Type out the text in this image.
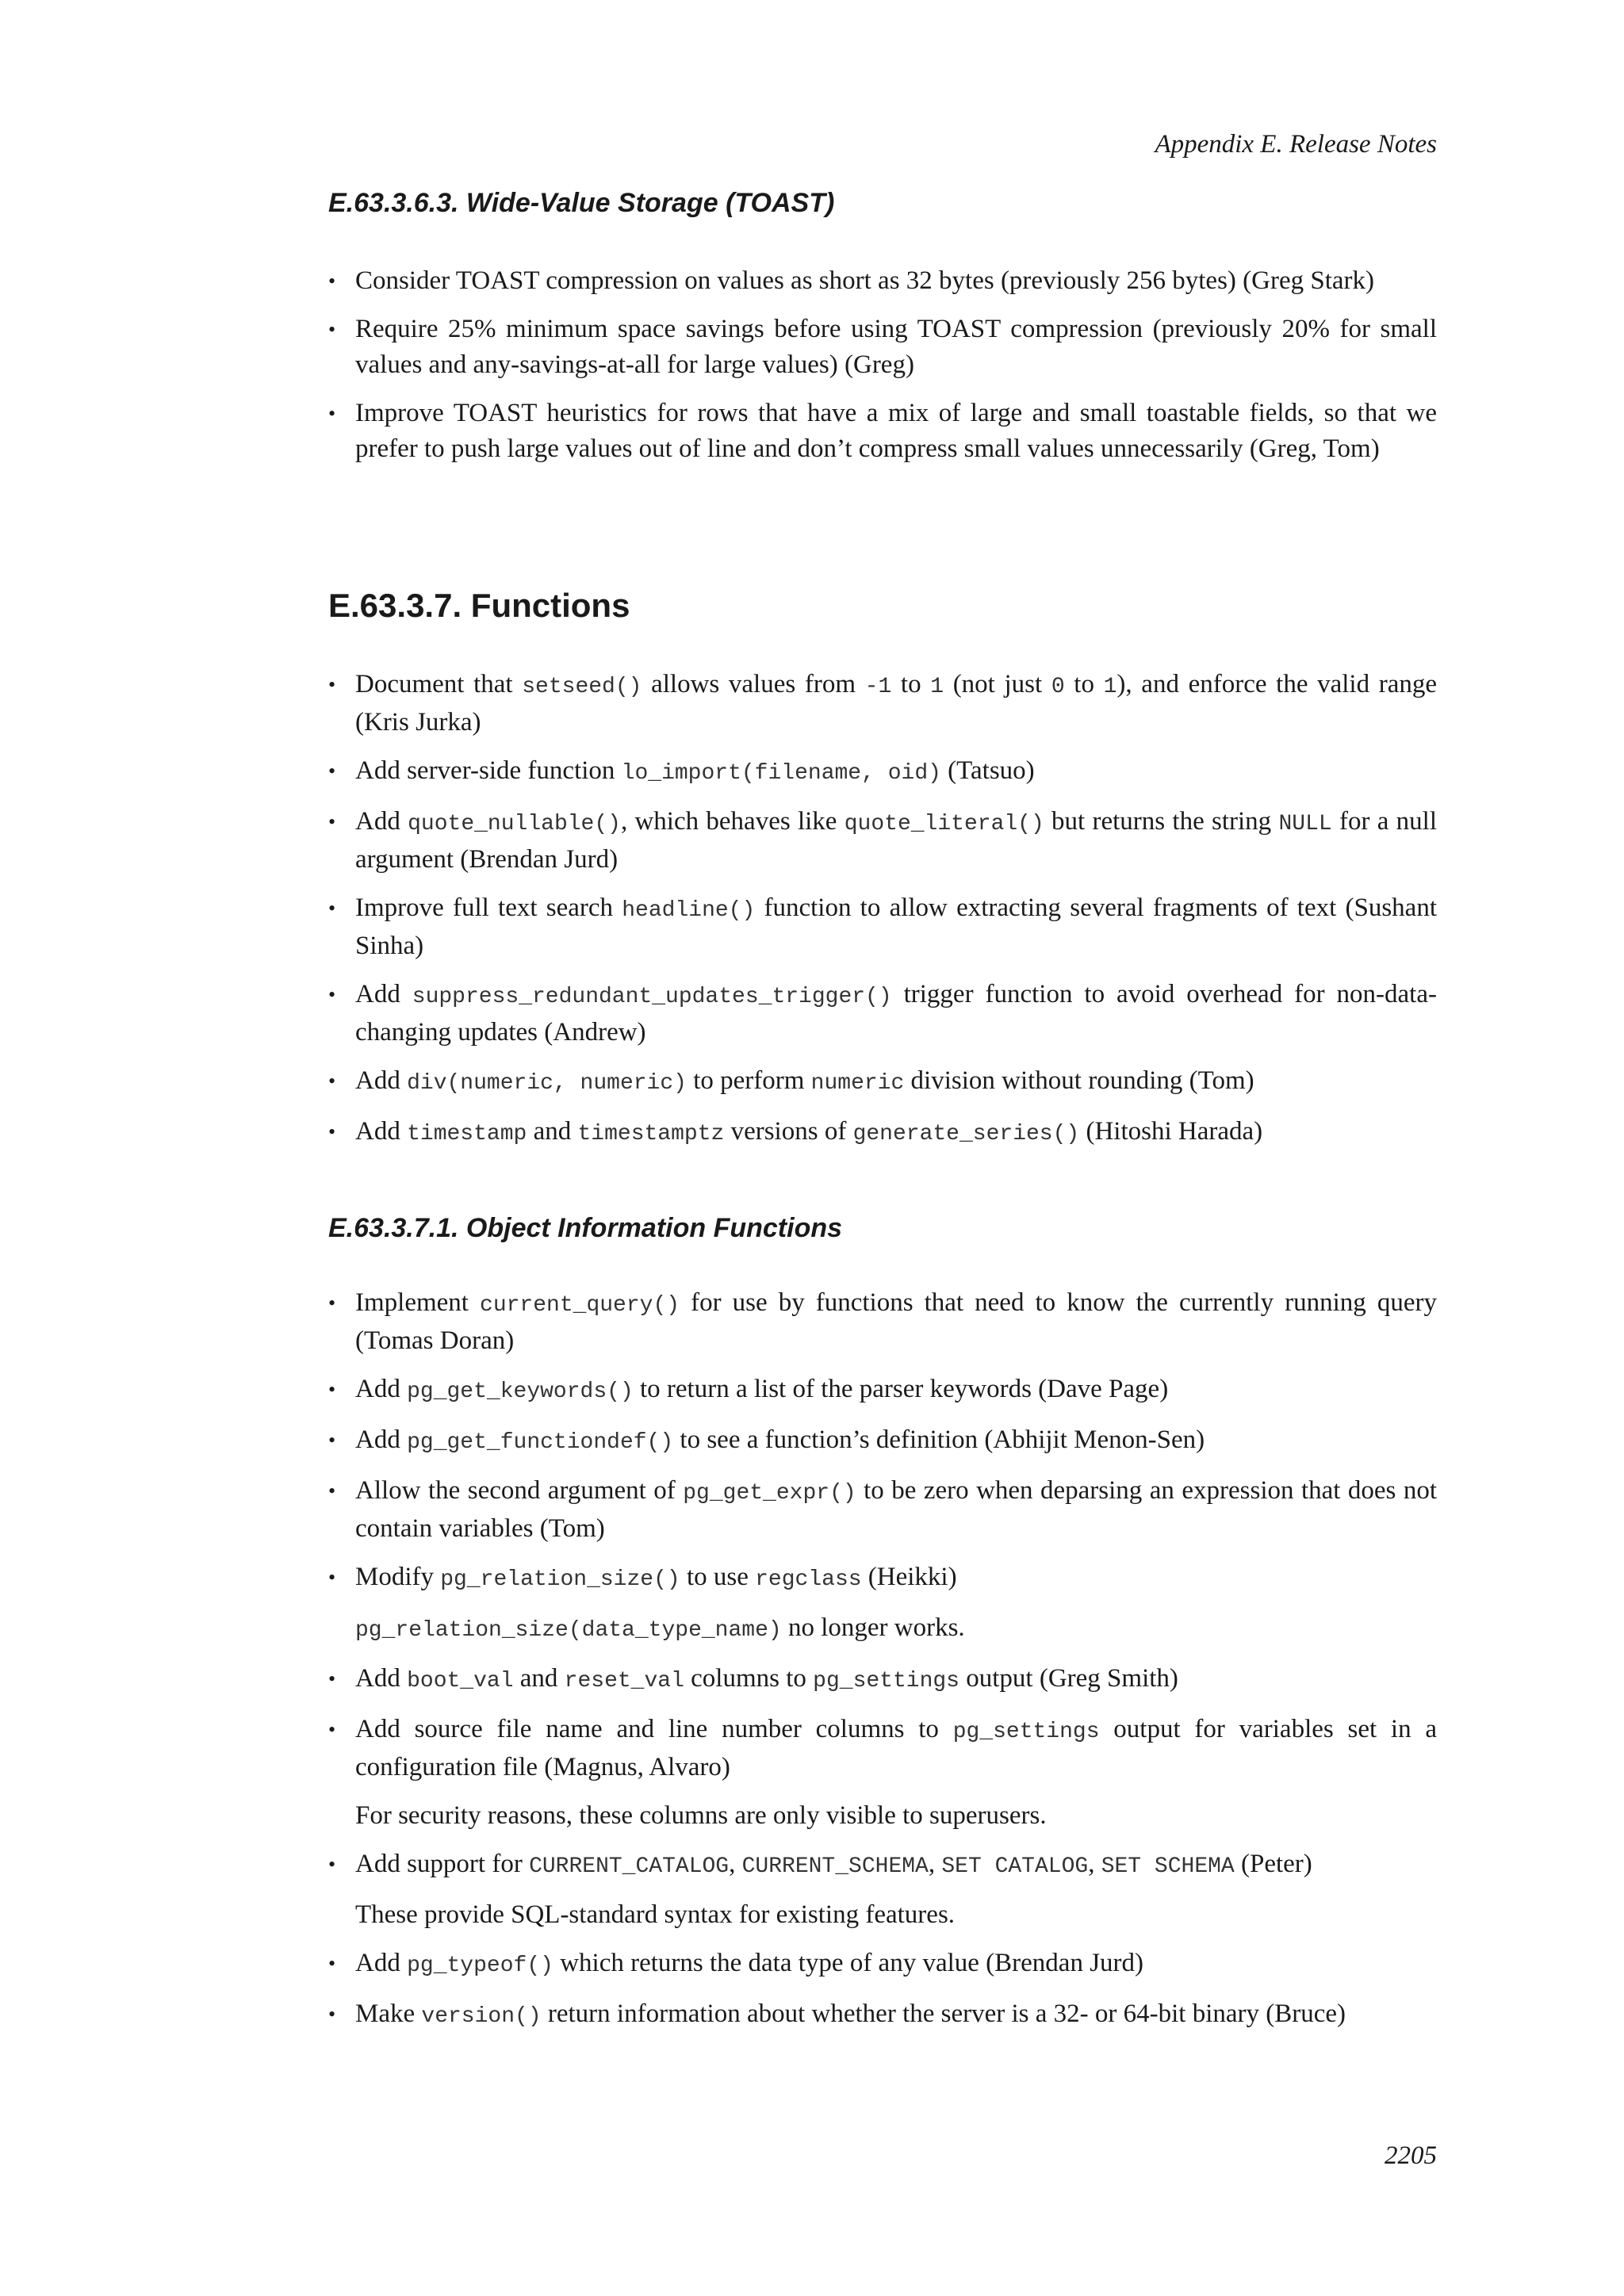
Appendix E. Release Notes
E.63.3.6.3. Wide-Value Storage (TOAST)
• Consider TOAST compression on values as short as 32 bytes (previously 256 bytes) (Greg Stark)
• Require 25% minimum space savings before using TOAST compression (previously 20% for small values and any-savings-at-all for large values) (Greg)
• Improve TOAST heuristics for rows that have a mix of large and small toastable fields, so that we prefer to push large values out of line and don’t compress small values unnecessarily (Greg, Tom)
E.63.3.7. Functions
• Document that setseed() allows values from -1 to 1 (not just 0 to 1), and enforce the valid range (Kris Jurka)
• Add server-side function lo_import(filename, oid) (Tatsuo)
• Add quote_nullable(), which behaves like quote_literal() but returns the string NULL for a null argument (Brendan Jurd)
• Improve full text search headline() function to allow extracting several fragments of text (Sushant Sinha)
• Add suppress_redundant_updates_trigger() trigger function to avoid overhead for non-data-changing updates (Andrew)
• Add div(numeric, numeric) to perform numeric division without rounding (Tom)
• Add timestamp and timestamptz versions of generate_series() (Hitoshi Harada)
E.63.3.7.1. Object Information Functions
• Implement current_query() for use by functions that need to know the currently running query (Tomas Doran)
• Add pg_get_keywords() to return a list of the parser keywords (Dave Page)
• Add pg_get_functiondef() to see a function’s definition (Abhijit Menon-Sen)
• Allow the second argument of pg_get_expr() to be zero when deparsing an expression that does not contain variables (Tom)
• Modify pg_relation_size() to use regclass (Heikki)

pg_relation_size(data_type_name) no longer works.

• Add boot_val and reset_val columns to pg_settings output (Greg Smith)
• Add source file name and line number columns to pg_settings output for variables set in a configuration file (Magnus, Alvaro)

For security reasons, these columns are only visible to superusers.

• Add support for CURRENT_CATALOG, CURRENT_SCHEMA, SET CATALOG, SET SCHEMA (Peter)

These provide SQL-standard syntax for existing features.

• Add pg_typeof() which returns the data type of any value (Brendan Jurd)
• Make version() return information about whether the server is a 32- or 64-bit binary (Bruce)
2205
